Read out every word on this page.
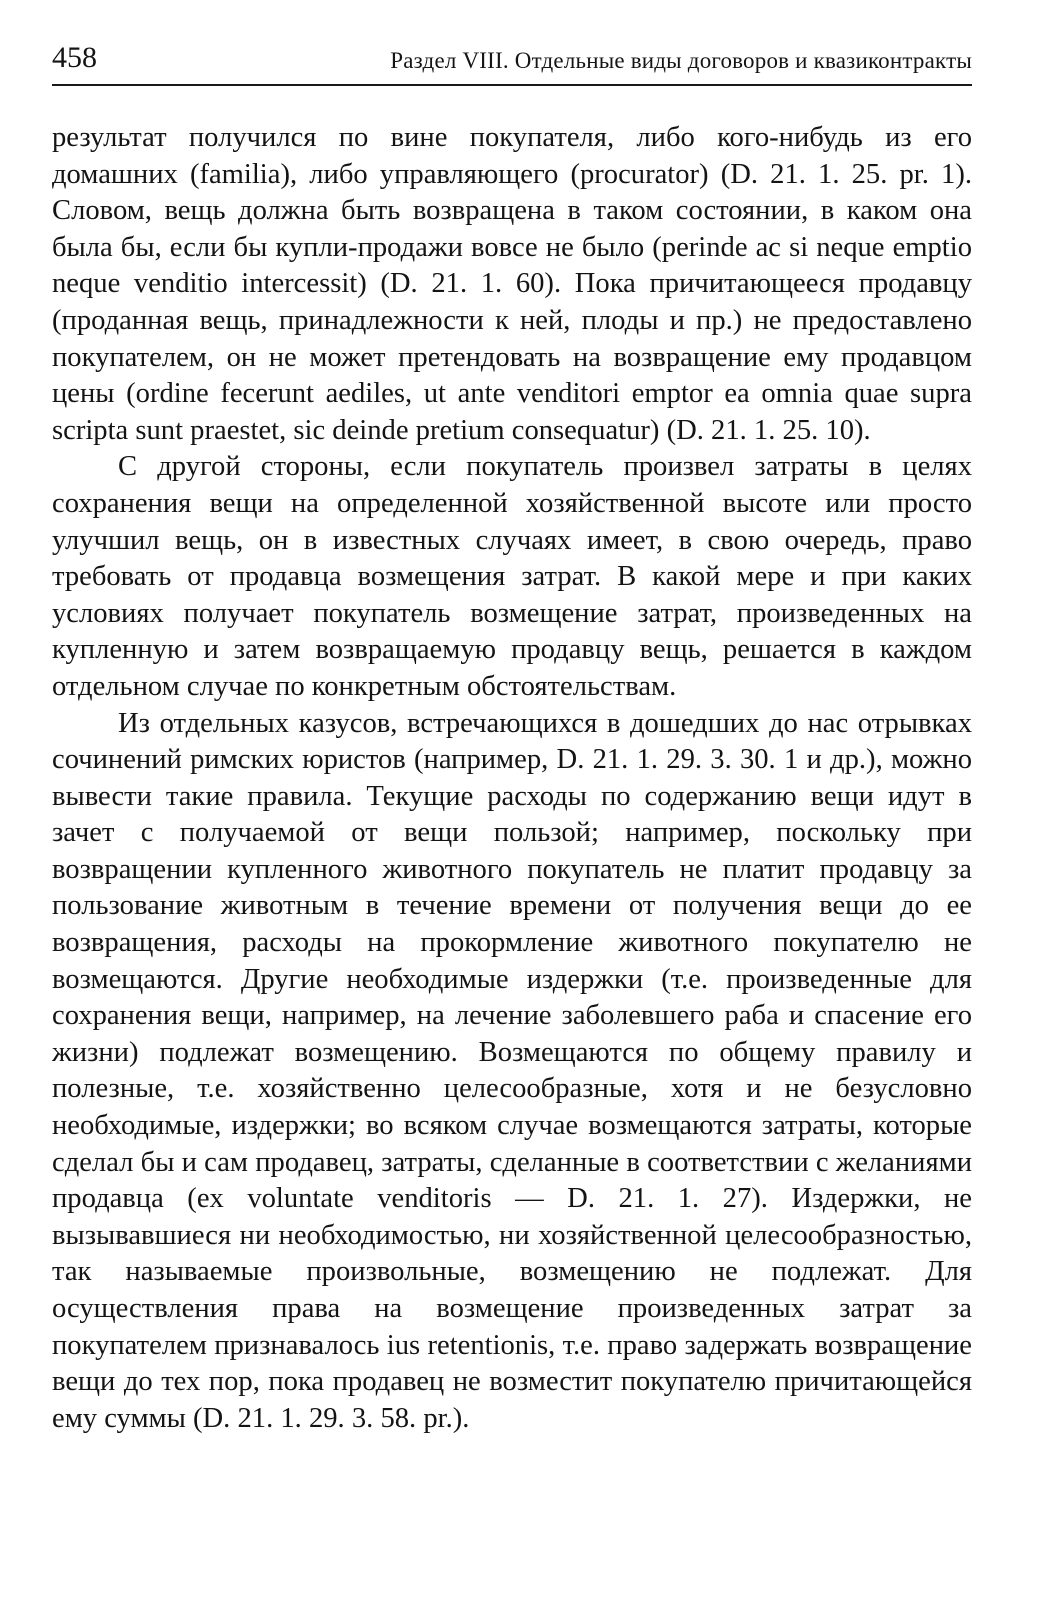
458	Раздел VIII. Отдельные виды договоров и квазиконтракты

результат получился по вине покупателя, либо кого-нибудь из его домашних (familia), либо управляющего (procurator) (D. 21. 1. 25. pr. 1). Словом, вещь должна быть возвращена в таком состоянии, в каком она была бы, если бы купли-продажи вовсе не было (perinde ac si neque emptio neque venditio intercessit) (D. 21. 1. 60). Пока причитающееся продавцу (проданная вещь, принадлежности к ней, плоды и пр.) не предоставлено покупателем, он не может претендовать на возвращение ему продавцом цены (ordine fecerunt aediles, ut ante venditori emptor ea omnia quae supra scripta sunt praestet, sic deinde pretium consequatur) (D. 21. 1. 25. 10).

С другой стороны, если покупатель произвел затраты в целях сохранения вещи на определенной хозяйственной высоте или просто улучшил вещь, он в известных случаях имеет, в свою очередь, право требовать от продавца возмещения затрат. В какой мере и при каких условиях получает покупатель возмещение затрат, произведенных на купленную и затем возвращаемую продавцу вещь, решается в каждом отдельном случае по конкретным обстоятельствам.

Из отдельных казусов, встречающихся в дошедших до нас отрывках сочинений римских юристов (например, D. 21. 1. 29. 3. 30. 1 и др.), можно вывести такие правила. Текущие расходы по содержанию вещи идут в зачет с получаемой от вещи пользой; например, поскольку при возвращении купленного животного покупатель не платит продавцу за пользование животным в течение времени от получения вещи до ее возвращения, расходы на прокормление животного покупателю не возмещаются. Другие необходимые издержки (т.е. произведенные для сохранения вещи, например, на лечение заболевшего раба и спасение его жизни) подлежат возмещению. Возмещаются по общему правилу и полезные, т.е. хозяйственно целесообразные, хотя и не безусловно необходимые, издержки; во всяком случае возмещаются затраты, которые сделал бы и сам продавец, затраты, сделанные в соответствии с желаниями продавца (ex voluntate venditoris — D. 21. 1. 27). Издержки, не вызывавшиеся ни необходимостью, ни хозяйственной целесообразностью, так называемые произвольные, возмещению не подлежат. Для осуществления права на возмещение произведенных затрат за покупателем признавалось ius retentionis, т.е. право задержать возвращение вещи до тех пор, пока продавец не возместит покупателю причитающейся ему суммы (D. 21. 1. 29. 3. 58. pr.).
